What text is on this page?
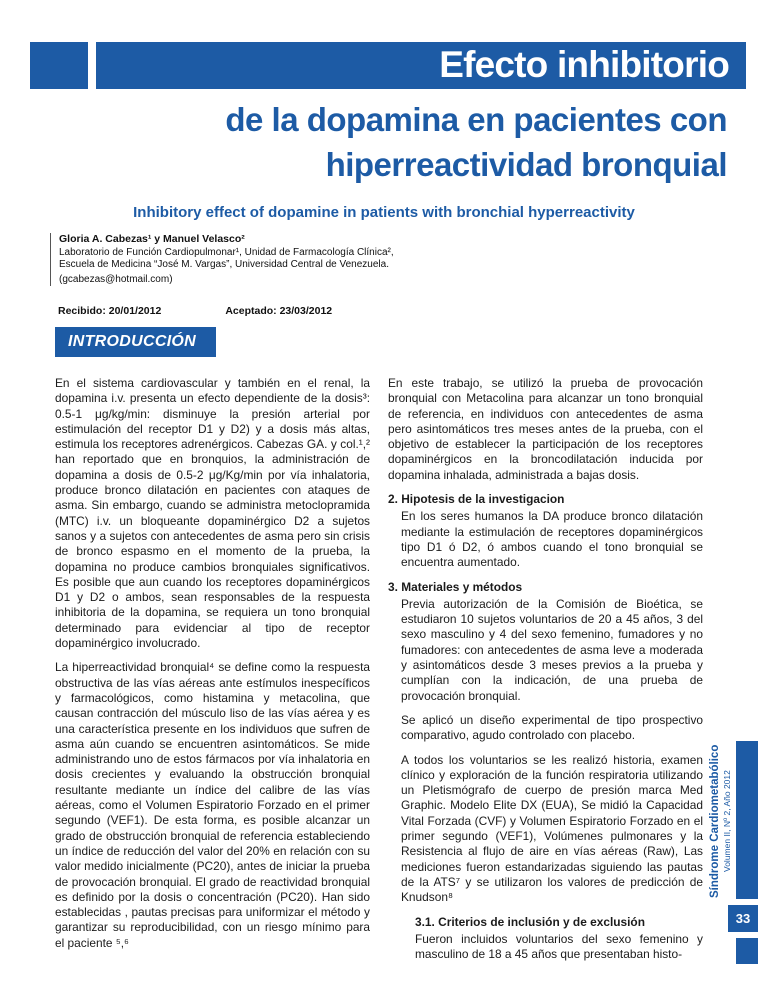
Efecto inhibitorio
de la dopamina en pacientes con
hiperreactividad bronquial
Inhibitory effect of dopamine in patients with bronchial hyperreactivity
Gloria A. Cabezas¹ y Manuel Velasco²
Laboratorio de Función Cardiopulmonar¹, Unidad de Farmacología Clínica²,
Escuela de Medicina “José M. Vargas”, Universidad Central de Venezuela.
(gcabezas@hotmail.com)
Recibido: 20/01/2012	Aceptado: 23/03/2012
INTRODUCCIÓN

En el sistema cardiovascular y también en el renal, la dopamina i.v. presenta un efecto dependiente de la dosis³: 0.5-1 μg/kg/min: disminuye la presión arterial por estimulación del receptor D1 y D2) y a dosis más altas, estimula los receptores adrenérgicos. Cabezas GA. y col.¹,² han reportado que en bronquios, la administración de dopamina a dosis de 0.5-2 μg/Kg/min por vía inhalatoria, produce bronco dilatación en pacientes con ataques de asma. Sin embargo, cuando se administra metoclopramida (MTC) i.v. un bloqueante dopaminérgico D2 a sujetos sanos y a sujetos con antecedentes de asma pero sin crisis de bronco espasmo en el momento de la prueba, la dopamina no produce cambios bronquiales significativos. Es posible que aun cuando los receptores dopaminérgicos D1 y D2 o ambos, sean responsables de la respuesta inhibitoria de la dopamina, se requiera un tono bronquial determinado para evidenciar al tipo de receptor dopaminérgico involucrado.

La hiperreactividad bronquial⁴ se define como la respuesta obstructiva de las vías aéreas ante estímulos inespecíficos y farmacológicos, como histamina y metacolina, que causan contracción del músculo liso de las vías aérea y es una característica presente en los individuos que sufren de asma aún cuando se encuentren asintomáticos. Se mide administrando uno de estos fármacos por vía inhalatoria en dosis crecientes y evaluando la obstrucción bronquial resultante mediante un índice del calibre de las vías aéreas, como el Volumen Espiratorio Forzado en el primer segundo (VEF1). De esta forma, es posible alcanzar un grado de obstrucción bronquial de referencia estableciendo un índice de reducción del valor del 20% en relación con su valor medido inicialmente (PC20), antes de iniciar la prueba de provocación bronquial. El grado de reactividad bronquial es definido por la dosis o concentración (PC20). Han sido establecidas , pautas precisas para uniformizar el método y garantizar su reproducibilidad, con un riesgo mínimo para el paciente ⁵,⁶

En este trabajo, se utilizó la prueba de provocación bronquial con Metacolina para alcanzar un tono bronquial de referencia, en individuos con antecedentes de asma pero asintomáticos tres meses antes de la prueba, con el objetivo de establecer la participación de los receptores dopaminérgicos en la broncodilatación inducida por dopamina inhalada, administrada a bajas dosis.

2. Hipotesis de la investigacion

En los seres humanos la DA produce bronco dilatación mediante la estimulación de receptores dopaminérgicos tipo D1 ó D2, ó ambos cuando el tono bronquial se encuentra aumentado.

3. Materiales y métodos

Previa autorización de la Comisión de Bioética, se estudiaron 10 sujetos voluntarios de 20 a 45 años, 3 del sexo masculino y 4 del sexo femenino, fumadores y no fumadores: con antecedentes de asma leve a moderada y asintomáticos desde 3 meses previos a la prueba y cumplían con la indicación, de una prueba de provocación bronquial.

Se aplicó un diseño experimental de tipo prospectivo comparativo, agudo controlado con placebo.

A todos los voluntarios se les realizó historia, examen clínico y exploración de la función respiratoria utilizando un Pletismógrafo de cuerpo de presión marca Med Graphic. Modelo Elite DX (EUA), Se midió la Capacidad Vital Forzada (CVF) y Volumen Espiratorio Forzado en el primer segundo (VEF1), Volúmenes pulmonares y la Resistencia al flujo de aire en vías aéreas (Raw), Las mediciones fueron estandarizadas siguiendo las pautas de la ATS⁷ y se utilizaron los valores de predicción de Knudson⁸

3.1. Criterios de inclusión y de exclusión

Fueron incluidos voluntarios del sexo femenino y masculino de 18 a 45 años que presentaban histo-

Síndrome Cardiometabólico Volumen II, Nº 2, Año 2012
33
